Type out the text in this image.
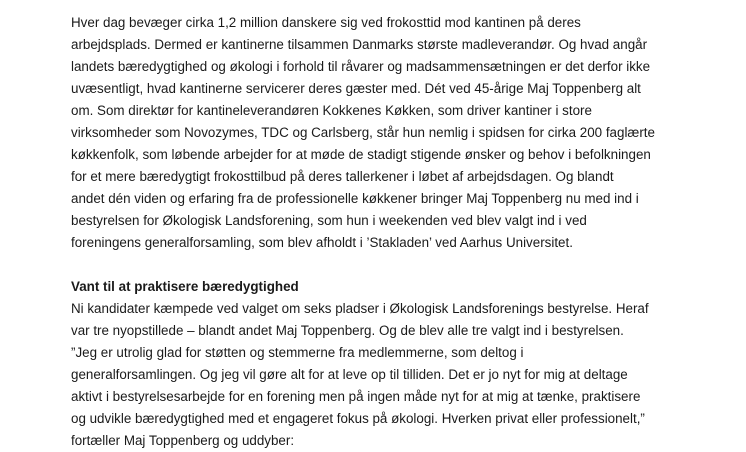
Hver dag bevæger cirka 1,2 million danskere sig ved frokosttid mod kantinen på deres
arbejdsplads. Dermed er kantinerne tilsammen Danmarks største madleverandør. Og hvad angår
landets bæredygtighed og økologi i forhold til råvarer og madsammensætningen er det derfor ikke
uvæsentligt, hvad kantinerne servicerer deres gæster med. Dét ved 45-årige Maj Toppenberg alt
om. Som direktør for kantineleverandøren Kokkenes Køkken, som driver kantiner i store
virksomheder som Novozymes, TDC og Carlsberg, står hun nemlig i spidsen for cirka 200 faglærte
køkkenfolk, som løbende arbejder for at møde de stadigt stigende ønsker og behov i befolkningen
for et mere bæredygtigt frokosttilbud på deres tallerkener i løbet af arbejdsdagen. Og blandt
andet dén viden og erfaring fra de professionelle køkkener bringer Maj Toppenberg nu med ind i
bestyrelsen for Økologisk Landsforening, som hun i weekenden ved blev valgt ind i ved
foreningens generalforsamling, som blev afholdt i ’Stakladen’ ved Aarhus Universitet.
Vant til at praktisere bæredygtighed
Ni kandidater kæmpede ved valget om seks pladser i Økologisk Landsforenings bestyrelse. Heraf
var tre nyopstillede – blandt andet Maj Toppenberg. Og de blev alle tre valgt ind i bestyrelsen.
”Jeg er utrolig glad for støtten og stemmerne fra medlemmerne, som deltog i
generalforsamlingen. Og jeg vil gøre alt for at leve op til tilliden. Det er jo nyt for mig at deltage
aktivt i bestyrelsesarbejde for en forening men på ingen måde nyt for at mig at tænke, praktisere
og udvikle bæredygtighed med et engageret fokus på økologi. Hverken privat eller professionelt,”
fortæller Maj Toppenberg og uddyber:
